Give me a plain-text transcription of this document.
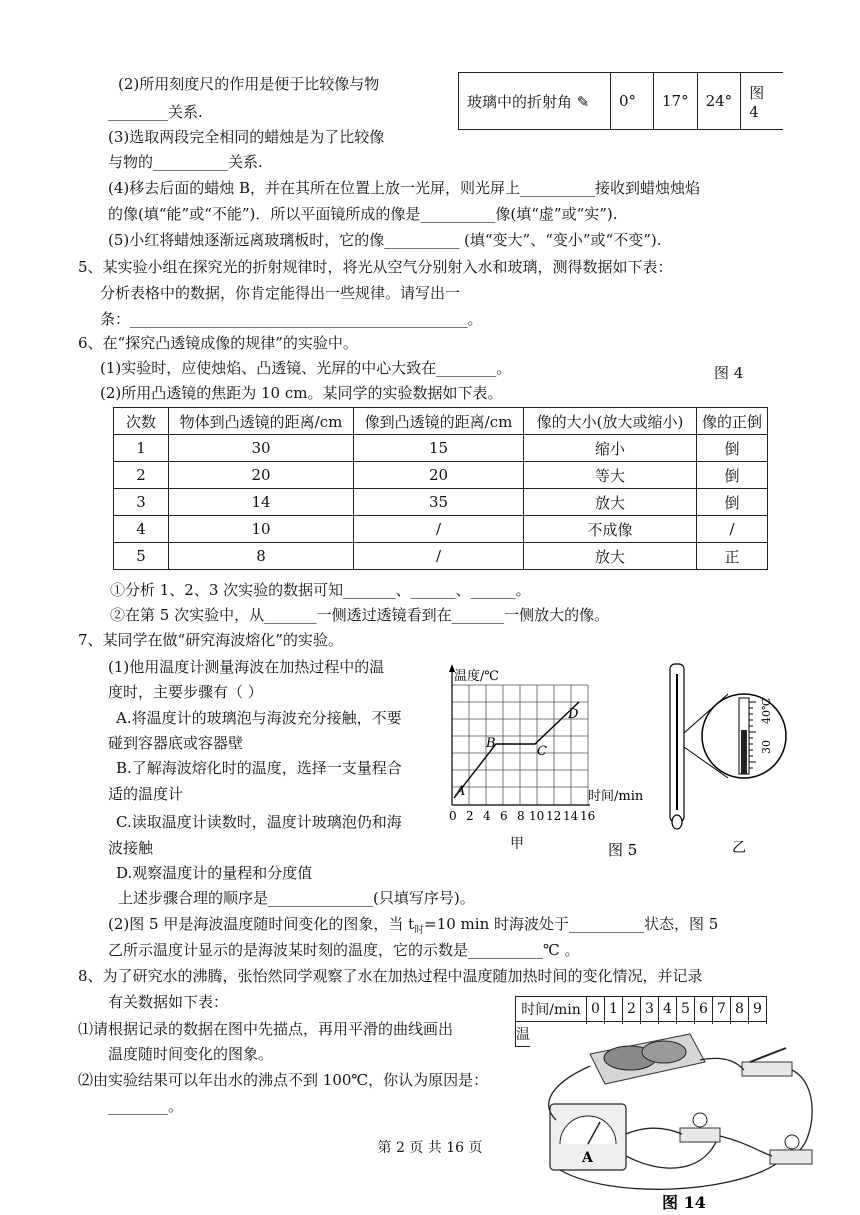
(2)所用刻度尺的作用是便于比较像与物
________关系.
(3)选取两段完全相同的蜡烛是为了比较像
与物的__________关系.
(4)移去后面的蜡烛 B，并在其所在位置上放一光屏，则光屏上__________接收到蜡烛烛焰
的像(填“能”或“不能”)．所以平面镜所成的像是__________像(填“虚”或“实”).
(5)小红将蜡烛逐渐远离玻璃板时，它的像__________ (填“变大”、“变小”或“不变”).
玻璃中的折射角 ✎	0°	17°	24°	图 4
5、某实验小组在探究光的折射规律时，将光从空气分别射入水和玻璃，测得数据如下表：
分析表格中的数据，你肯定能得出一些规律。请写出一
条：_____________________________________________。
6、在“探究凸透镜成像的规律”的实验中。
(1)实验时，应使烛焰、凸透镜、光屏的中心大致在________。	图 4
(2)所用凸透镜的焦距为 10 cm。某同学的实验数据如下表。
次数	物体到凸透镜的距离/cm	像到凸透镜的距离/cm	像的大小(放大或缩小)	像的正倒
1	30	15	缩小	倒
2	20	20	等大	倒
3	14	35	放大	倒
4	10	/	不成像	/
5	8	/	放大	正
①分析 1、2、3 次实验的数据可知_______、______、______。
②在第 5 次实验中，从_______一侧透过透镜看到在_______一侧放大的像。
7、某同学在做“研究海波熔化”的实验。
(1)他用温度计测量海波在加热过程中的温
度时，主要步骤有（ ）
A.将温度计的玻璃泡与海波充分接触，不要
碰到容器底或容器壁
B.了解海波熔化时的温度，选择一支量程合
适的温度计
C.读取温度计读数时，温度计玻璃泡仍和海
波接触
D.观察温度计的量程和分度值
上述步骤合理的顺序是______________(只填写序号)。
(2)图 5 甲是海波温度随时间变化的图象，当 $t_时=10$ min 时海波处于__________状态，图 5
乙所示温度计显示的是海波某时刻的温度，它的示数是__________℃ 。
温度/℃
时间/min
A
B
C
D
0 2 4 6 8 10 12 14 16
甲	图 5
40℃
30
乙
8、为了研究水的沸腾，张怡然同学观察了水在加热过程中温度随加热时间的变化情况，并记录
有关数据如下表：
⑴请根据记录的数据在图中先描点，再用平滑的曲线画出
温度随时间变化的图象。
⑵由实验结果可以年出水的沸点不到 100℃，你认为原因是：
________。
时间/min	0	1	2	3	4	5	6	7	8	9
温										
A
图 14
第 2 页 共 16 页
